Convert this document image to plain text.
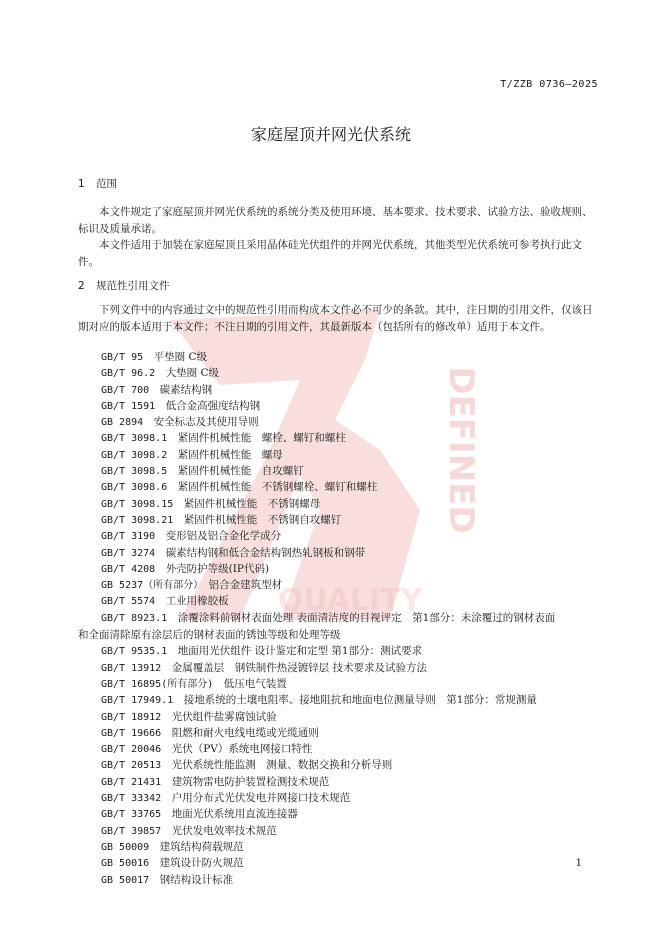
DEFINED
QUALITY
T/ZZB 0736—2025
家庭屋顶并网光伏系统
1 范围
本文件规定了家庭屋顶并网光伏系统的系统分类及使用环境、基本要求、技术要求、试验方法、验收规则、标识及质量承诺。
本文件适用于加装在家庭屋顶且采用晶体硅光伏组件的并网光伏系统，其他类型光伏系统可参考执行此文件。
2 规范性引用文件
下列文件中的内容通过文中的规范性引用而构成本文件必不可少的条款。其中，注日期的引用文件，仅该日期对应的版本适用于本文件；不注日期的引用文件，其最新版本（包括所有的修改单）适用于本文件。
GB/T 95　 平垫圈 C级
GB/T 96.2　 大垫圈 C级
GB/T 700　 碳素结构钢
GB/T 1591　 低合金高强度结构钢
GB 2894　 安全标志及其使用导则
GB/T 3098.1　 紧固件机械性能　螺栓、螺钉和螺柱
GB/T 3098.2　 紧固件机械性能　螺母
GB/T 3098.5　 紧固件机械性能　自攻螺钉
GB/T 3098.6　 紧固件机械性能　不锈钢螺栓、螺钉和螺柱
GB/T 3098.15　 紧固件机械性能　不锈钢螺母
GB/T 3098.21　 紧固件机械性能　不锈钢自攻螺钉
GB/T 3190　 变形铝及铝合金化学成分
GB/T 3274　 碳素结构钢和低合金结构钢热轧钢板和钢带
GB/T 4208　 外壳防护等级(IP代码)
GB 5237（所有部分）　 铝合金建筑型材
GB/T 5574　 工业用橡胶板
GB/T 8923.1　 涂覆涂料前钢材表面处理 表面清洁度的目视评定　第1部分：未涂覆过的钢材表面
和全面清除原有涂层后的钢材表面的锈蚀等级和处理等级
GB/T 9535.1　 地面用光伏组件 设计鉴定和定型 第1部分：测试要求
GB/T 13912　 金属覆盖层　钢铁制件热浸镀锌层 技术要求及试验方法
GB/T 16895(所有部分)　 低压电气装置
GB/T 17949.1　 接地系统的土壤电阻率、接地阻抗和地面电位测量导则　第1部分：常规测量
GB/T 18912　 光伏组件盐雾腐蚀试验
GB/T 19666　 阻燃和耐火电线电缆或光缆通则
GB/T 20046　 光伏（PV）系统电网接口特性
GB/T 20513　 光伏系统性能监测　测量、数据交换和分析导则
GB/T 21431　 建筑物雷电防护装置检测技术规范
GB/T 33342　 户用分布式光伏发电并网接口技术规范
GB/T 33765　 地面光伏系统用直流连接器
GB/T 39857　 光伏发电效率技术规范
GB 50009　 建筑结构荷载规范
GB 50016　 建筑设计防火规范
GB 50017　 钢结构设计标准
1
